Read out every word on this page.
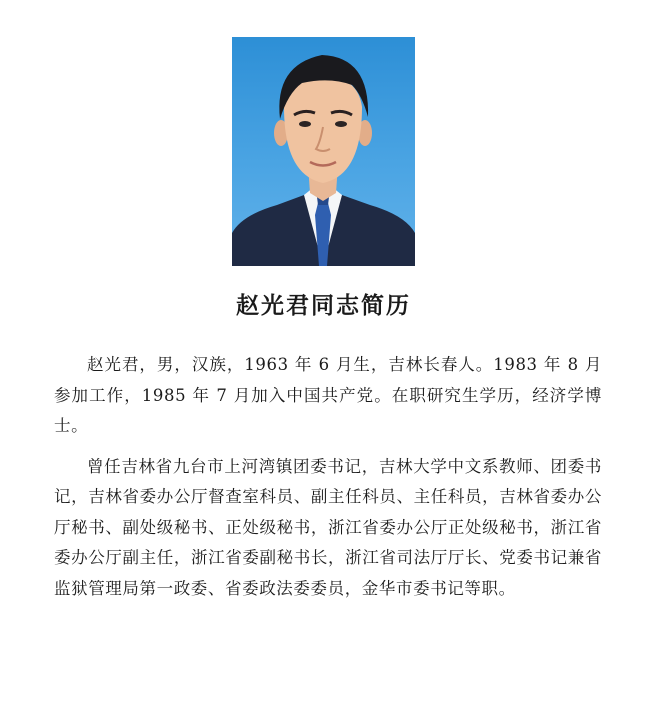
赵光君同志简历

赵光君，男，汉族，1963 年 6 月生，吉林长春人。1983 年 8 月参加工作，1985 年 7 月加入中国共产党。在职研究生学历，经济学博士。

曾任吉林省九台市上河湾镇团委书记，吉林大学中文系教师、团委书记，吉林省委办公厅督查室科员、副主任科员、主任科员，吉林省委办公厅秘书、副处级秘书、正处级秘书，浙江省委办公厅正处级秘书，浙江省委办公厅副主任，浙江省委副秘书长，浙江省司法厅厅长、党委书记兼省监狱管理局第一政委、省委政法委委员，金华市委书记等职。
